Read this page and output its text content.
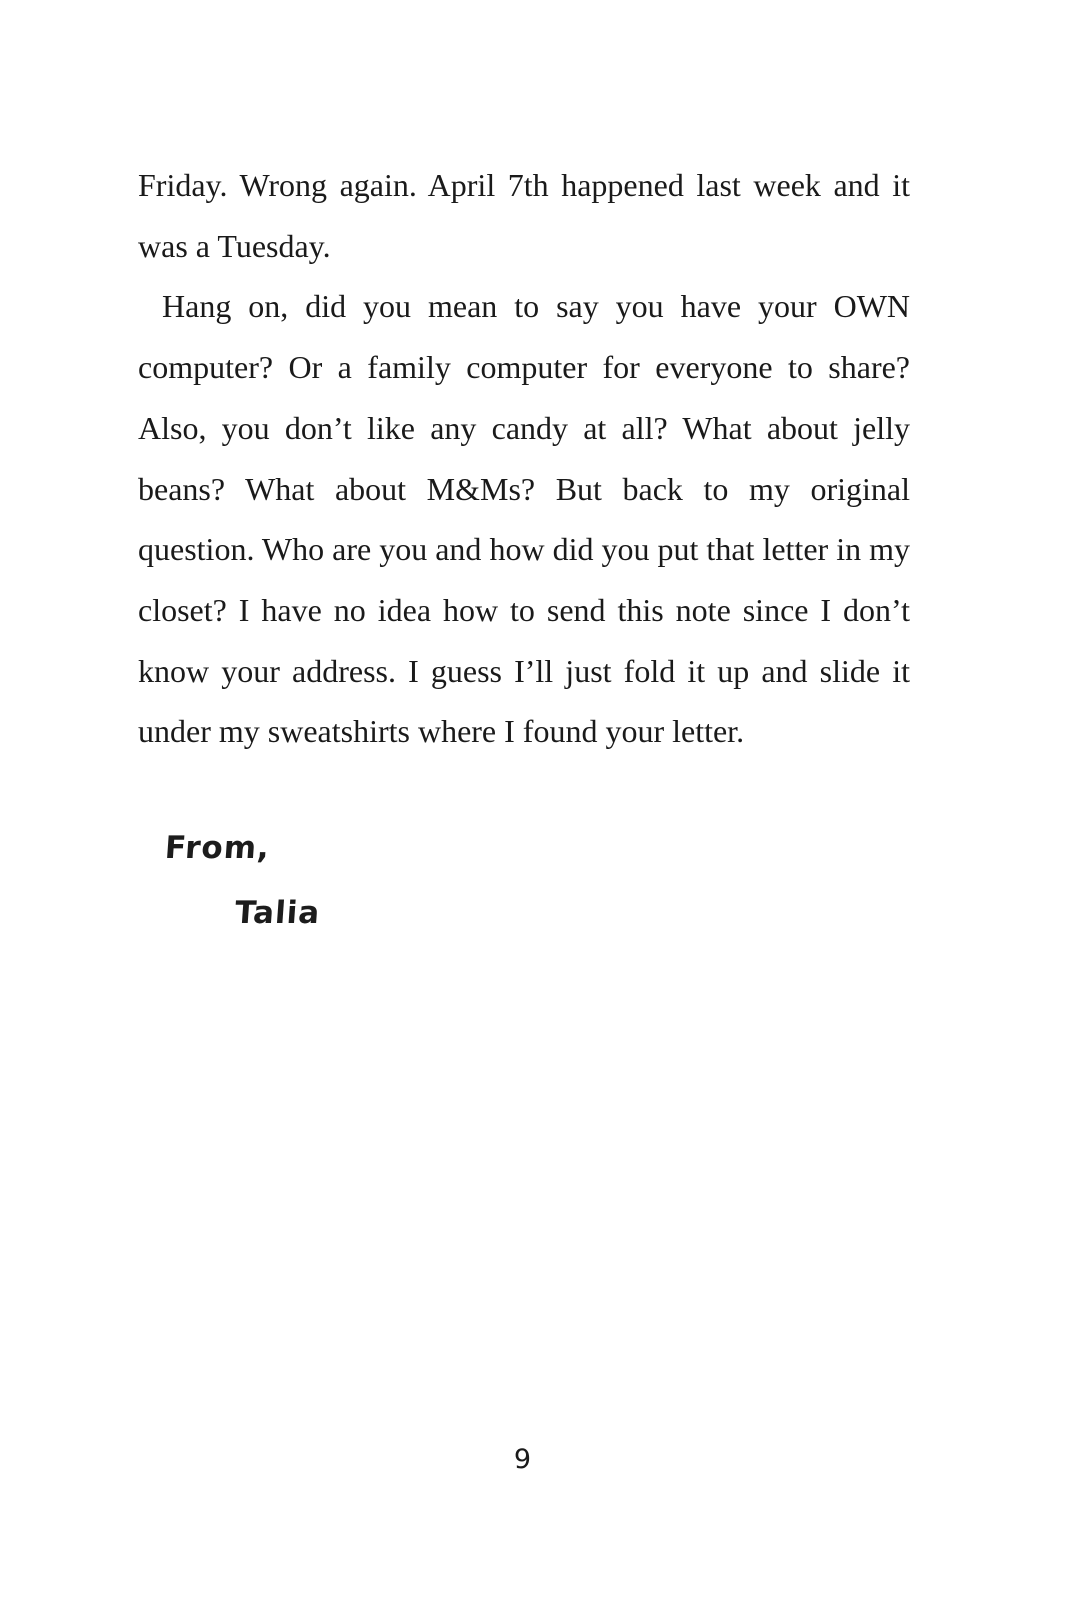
Friday. Wrong again. April 7th happened last week and it was a Tuesday.

Hang on, did you mean to say you have your OWN computer? Or a family computer for everyone to share? Also, you don’t like any candy at all? What about jelly beans? What about M&Ms? But back to my original question. Who are you and how did you put that letter in my closet? I have no idea how to send this note since I don’t know your address. I guess I’ll just fold it up and slide it under my sweatshirts where I found your letter.

From,
Talia
9
